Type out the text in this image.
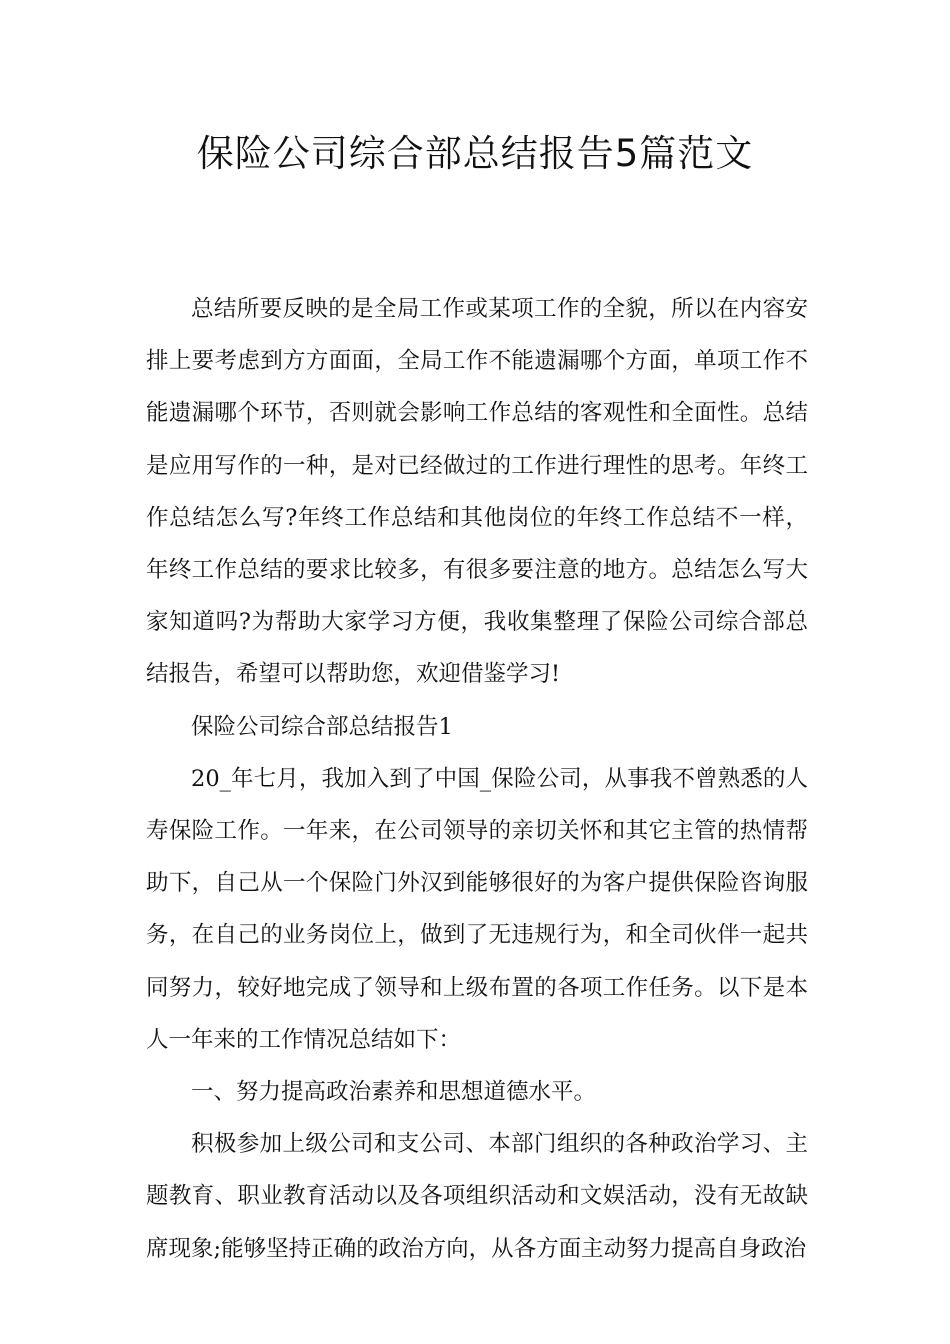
保险公司综合部总结报告5篇范文

总结所要反映的是全局工作或某项工作的全貌，所以在内容安排上要考虑到方方面面，全局工作不能遗漏哪个方面，单项工作不能遗漏哪个环节，否则就会影响工作总结的客观性和全面性。总结是应用写作的一种，是对已经做过的工作进行理性的思考。年终工作总结怎么写?年终工作总结和其他岗位的年终工作总结不一样，年终工作总结的要求比较多，有很多要注意的地方。总结怎么写大家知道吗?为帮助大家学习方便，我收集整理了保险公司综合部总结报告，希望可以帮助您，欢迎借鉴学习!

保险公司综合部总结报告1

20_年七月，我加入到了中国_保险公司，从事我不曾熟悉的人寿保险工作。一年来，在公司领导的亲切关怀和其它主管的热情帮助下，自己从一个保险门外汉到能够很好的为客户提供保险咨询服务，在自己的业务岗位上，做到了无违规行为，和全司伙伴一起共同努力，较好地完成了领导和上级布置的各项工作任务。以下是本人一年来的工作情况总结如下：

一、努力提高政治素养和思想道德水平。

积极参加上级公司和支公司、本部门组织的各种政治学习、主题教育、职业教育活动以及各项组织活动和文娱活动，没有无故缺席现象;能够坚持正确的政治方向，从各方面主动努力提高自身政治
